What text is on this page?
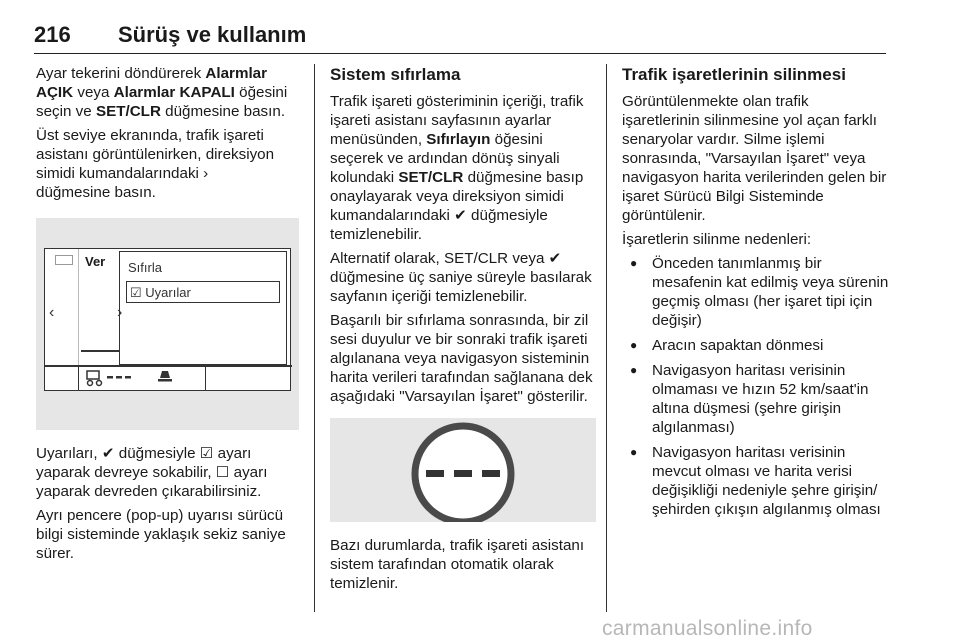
216 Sürüş ve kullanım

Ayar tekerini döndürerek Alarmlar AÇIK veya Alarmlar KAPALI öğesini seçin ve SET/CLR düğmesine basın.

Üst seviye ekranında, trafik işareti asistanı görüntülenirken, direksiyon simidi kumandalarındaki ›
düğmesine basın.

Ver
‹	›
Sıfırla
☑ Uyarılar

Uyarıları, ✔ düğmesiyle ☑ ayarı yaparak devreye sokabilir, ☐ ayarı yaparak devreden çıkarabilirsiniz.

Ayrı pencere (pop-up) uyarısı sürücü bilgi sisteminde yaklaşık sekiz saniye sürer.

Sistem sıfırlama

Trafik işareti gösteriminin içeriği, trafik işareti asistanı sayfasının ayarlar menüsünden, Sıfırlayın öğesini seçerek ve ardından dönüş sinyali kolundaki SET/CLR düğmesine basıp onaylayarak veya direksiyon simidi kumandalarındaki ✔ düğmesiyle temizlenebilir.

Alternatif olarak, SET/CLR veya ✔ düğmesine üç saniye süreyle basılarak sayfanın içeriği temizlenebilir.

Başarılı bir sıfırlama sonrasında, bir zil sesi duyulur ve bir sonraki trafik işareti algılanana veya navigasyon sisteminin harita verileri tarafından sağlanana dek aşağıdaki "Varsayılan İşaret" gösterilir.

Bazı durumlarda, trafik işareti asistanı sistem tarafından otomatik olarak temizlenir.

Trafik işaretlerinin silinmesi

Görüntülenmekte olan trafik işaretlerinin silinmesine yol açan farklı senaryolar vardır. Silme işlemi sonrasında, "Varsayılan İşaret" veya navigasyon harita verilerinden gelen bir işaret Sürücü Bilgi Sisteminde görüntülenir.

İşaretlerin silinme nedenleri:

● Önceden tanımlanmış bir mesafenin kat edilmiş veya sürenin geçmiş olması (her işaret tipi için değişir)
● Aracın sapaktan dönmesi
● Navigasyon haritası verisinin olmaması ve hızın 52 km/saat'in altına düşmesi (şehre girişin algılanması)
● Navigasyon haritası verisinin mevcut olması ve harita verisi değişikliği nedeniyle şehre girişin/şehirden çıkışın algılanmış olması
carmanualsonline.info
